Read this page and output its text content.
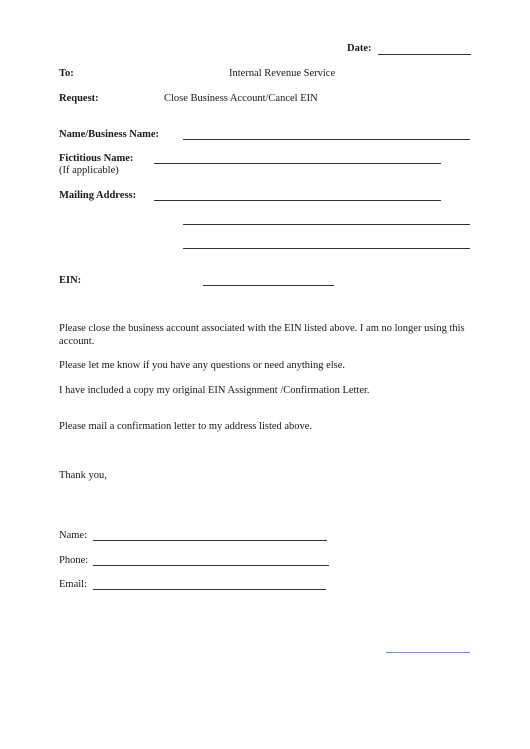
Date:
To:	Internal Revenue Service
Request:	Close Business Account/Cancel EIN
Name/Business Name:
Fictitious Name:
(If applicable)
Mailing Address:
EIN:
Please close the business account associated with the EIN listed above. I am no longer using this account.
Please let me know if you have any questions or need anything else.
I have included a copy my original EIN Assignment /Confirmation Letter.
Please mail a confirmation letter to my address listed above.
Thank you,
Name:
Phone:
Email:
